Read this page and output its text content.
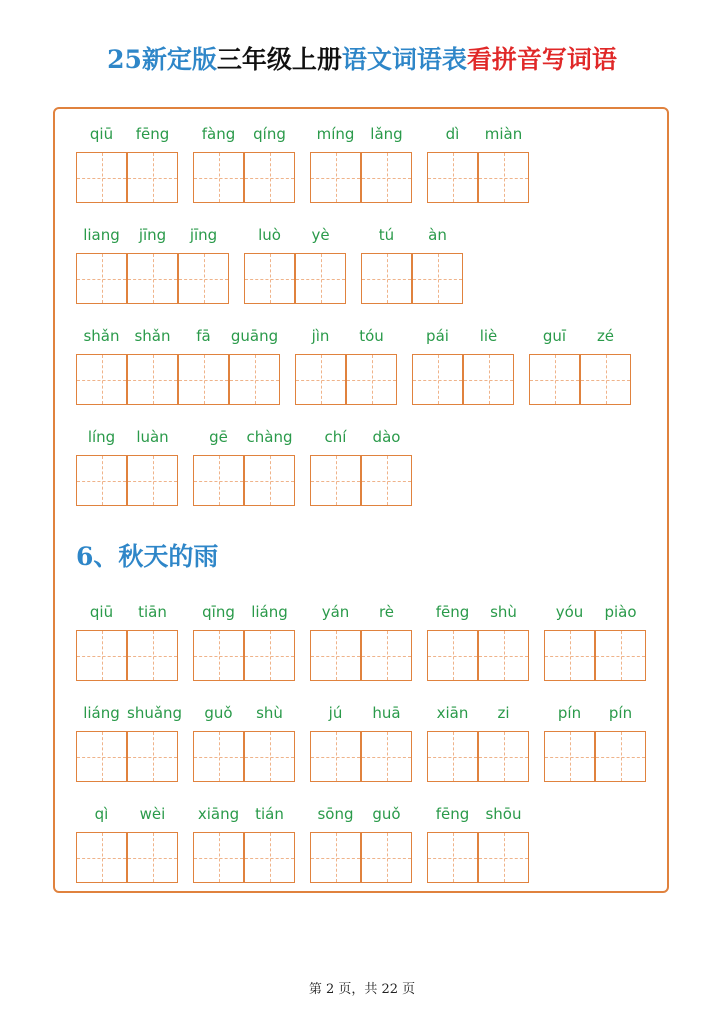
25新定版三年级上册语文词语表看拼音写词语
qiū	fēng	fàng	qíng	míng	lǎng	dì	miàn
liang	jīng	jīng	luò	yè	tú	àn
shǎn shǎn	fā	guāng	jìn	tóu	pái	liè	guī	zé
líng	luàn	gē	chàng	chí	dào
6、秋天的雨
qiū	tiān	qīng	liáng	yán	rè	fēng	shù	yóu	piào
liáng shuǎng	guǒ	shù	jú	huā	xiān	zi	pín	pín
qì	wèi	xiāng	tián	sōng	guǒ	fēng	shōu
第 2 页，共 22 页
